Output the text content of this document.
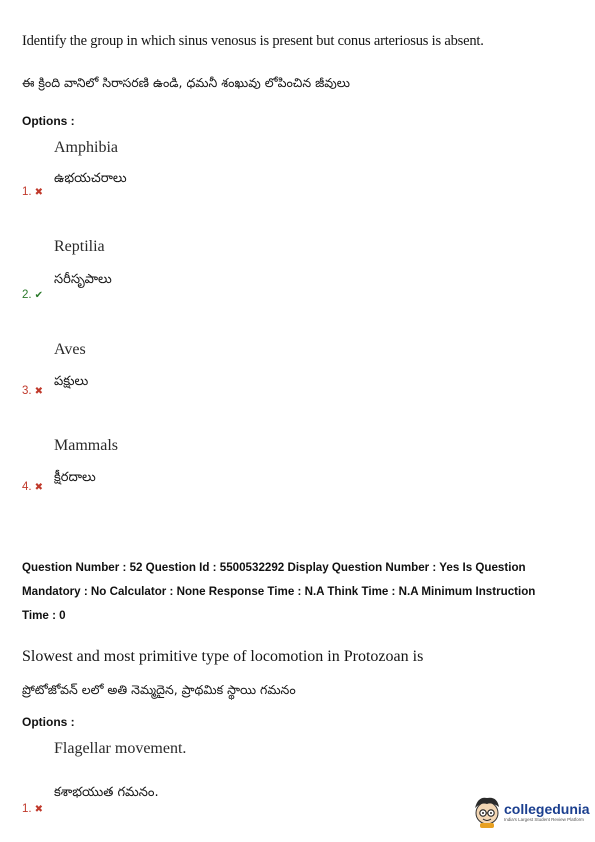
Identify the group in which sinus venosus is present but conus arteriosus is absent.
ఈ క్రింది వానిలో సిరాసరణి ఉండి, ధమనీ శంఖువు లోపించిన జీవులు
Options :
Amphibia
ఉభయచరాలు
1. ✖
Reptilia
సరీసృపాలు
2. ✔
Aves
పక్షులు
3. ✖
Mammals
క్షీరదాలు
4. ✖
Question Number : 52 Question Id : 5500532292 Display Question Number : Yes Is Question
Mandatory : No Calculator : None Response Time : N.A Think Time : N.A Minimum Instruction
Time : 0
Slowest and most primitive type of locomotion in Protozoan is
ప్రోటోజోవన్ లలో అతి నెమ్మదైన, ప్రాథమిక స్థాయి గమనం
Options :
Flagellar movement.
కశాభయుత గమనం.
1. ✖	collegedunia
India's Largest Student Review Platform
